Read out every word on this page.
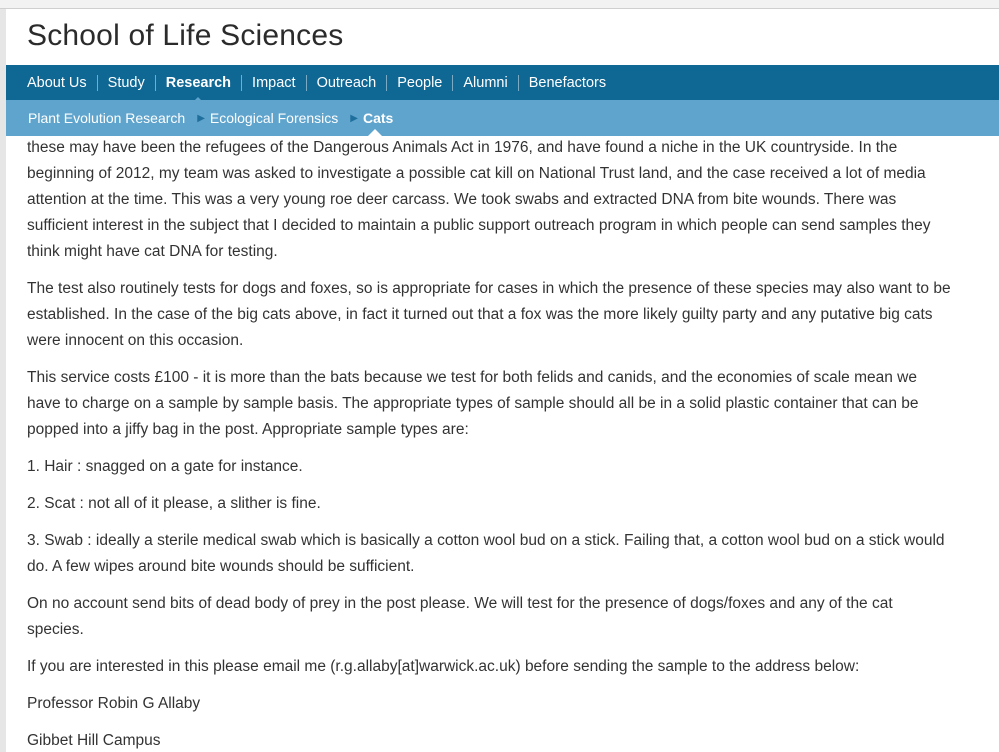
School of Life Sciences
About Us	Study	Research	Impact	Outreach	People	Alumni	Benefactors
Plant Evolution Research ▶ Ecological Forensics ▶ Cats

these may have been the refugees of the Dangerous Animals Act in 1976, and have found a niche in the UK countryside. In the beginning of 2012, my team was asked to investigate a possible cat kill on National Trust land, and the case received a lot of media attention at the time. This was a very young roe deer carcass. We took swabs and extracted DNA from bite wounds. There was sufficient interest in the subject that I decided to maintain a public support outreach program in which people can send samples they think might have cat DNA for testing.

The test also routinely tests for dogs and foxes, so is appropriate for cases in which the presence of these species may also want to be established. In the case of the big cats above, in fact it turned out that a fox was the more likely guilty party and any putative big cats were innocent on this occasion.

This service costs £100 - it is more than the bats because we test for both felids and canids, and the economies of scale mean we have to charge on a sample by sample basis. The appropriate types of sample should all be in a solid plastic container that can be popped into a jiffy bag in the post. Appropriate sample types are:

1. Hair : snagged on a gate for instance.

2. Scat : not all of it please, a slither is fine.

3. Swab : ideally a sterile medical swab which is basically a cotton wool bud on a stick. Failing that, a cotton wool bud on a stick would do. A few wipes around bite wounds should be sufficient.

On no account send bits of dead body of prey in the post please. We will test for the presence of dogs/foxes and any of the cat species.

If you are interested in this please email me (r.g.allaby[at]warwick.ac.uk) before sending the sample to the address below:

Professor Robin G Allaby

Gibbet Hill Campus
